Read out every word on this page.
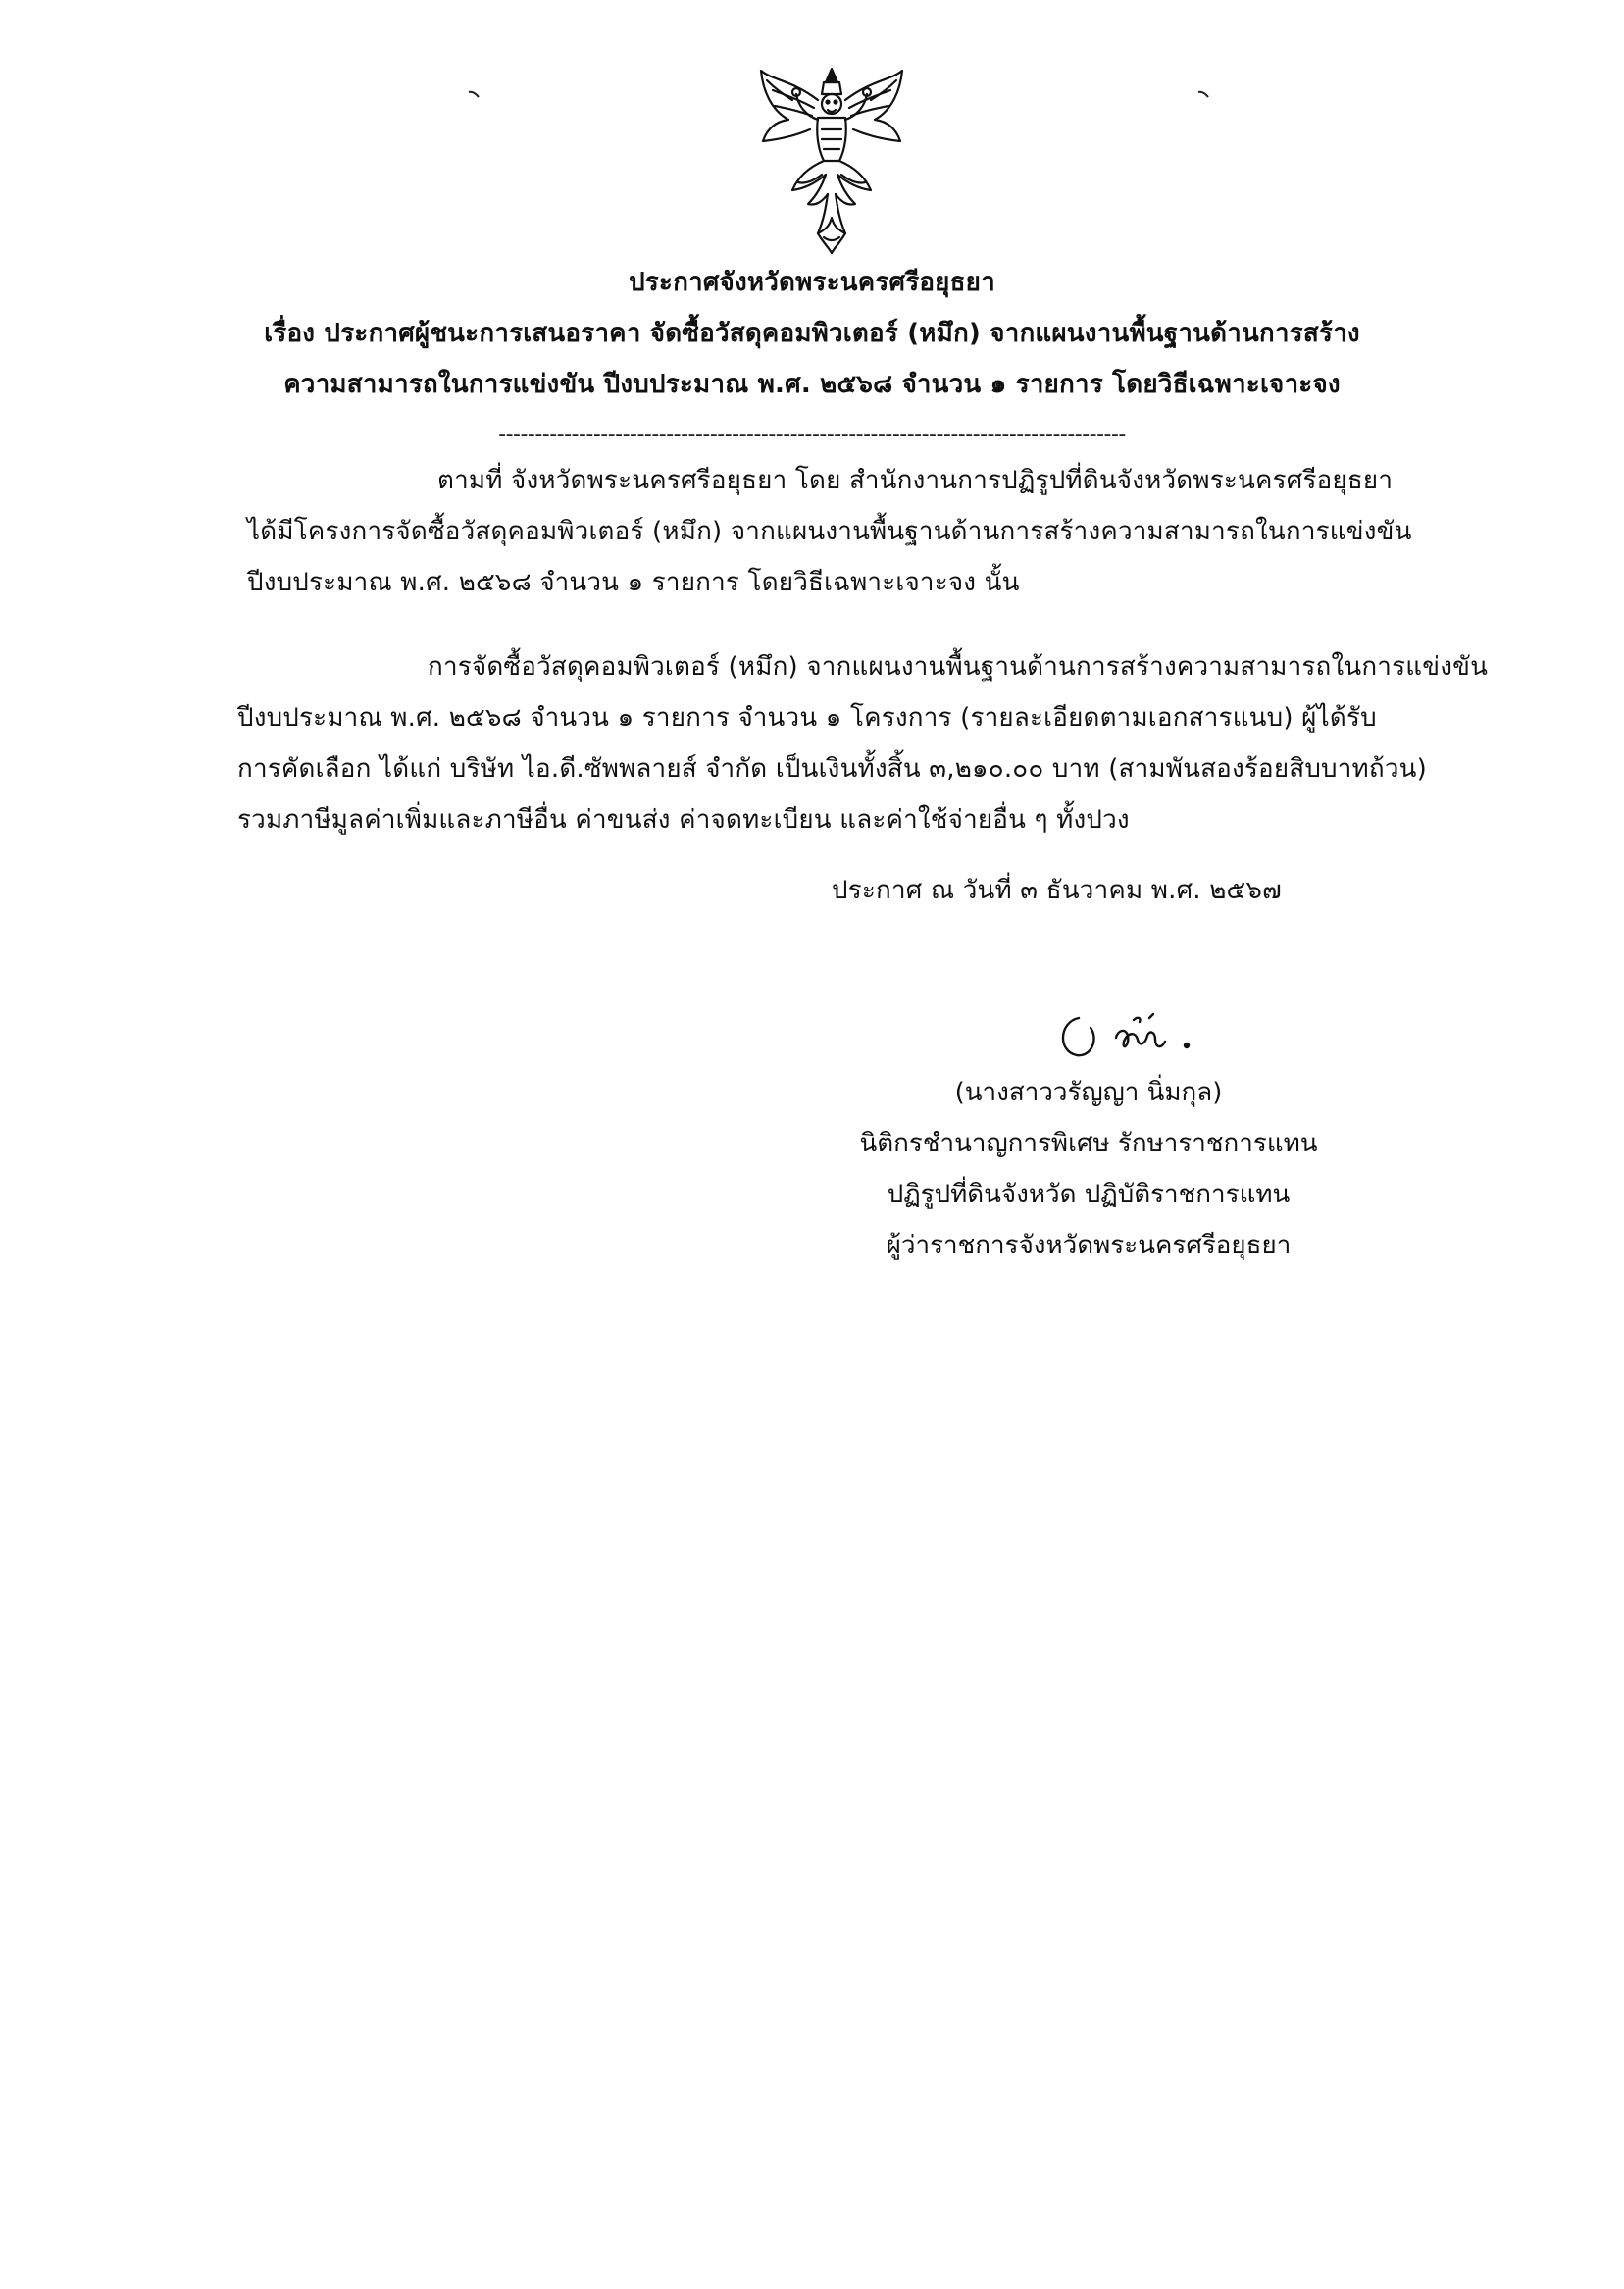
ประกาศจังหวัดพระนครศรีอยุธยา
เรื่อง ประกาศผู้ชนะการเสนอราคา จัดซื้อวัสดุคอมพิวเตอร์ (หมึก) จากแผนงานพื้นฐานด้านการสร้าง
ความสามารถในการแข่งขัน ปีงบประมาณ พ.ศ. ๒๕๖๘ จำนวน ๑ รายการ โดยวิธีเฉพาะเจาะจง
--------------------------------------------------------------------------------------
ตามที่ จังหวัดพระนครศรีอยุธยา โดย สำนักงานการปฏิรูปที่ดินจังหวัดพระนครศรีอยุธยา
ได้มีโครงการจัดซื้อวัสดุคอมพิวเตอร์ (หมึก) จากแผนงานพื้นฐานด้านการสร้างความสามารถในการแข่งขัน
ปีงบประมาณ พ.ศ. ๒๕๖๘ จำนวน ๑ รายการ โดยวิธีเฉพาะเจาะจง นั้น
การจัดซื้อวัสดุคอมพิวเตอร์ (หมึก) จากแผนงานพื้นฐานด้านการสร้างความสามารถในการแข่งขัน
ปีงบประมาณ พ.ศ. ๒๕๖๘ จำนวน ๑ รายการ จำนวน ๑ โครงการ (รายละเอียดตามเอกสารแนบ) ผู้ได้รับ
การคัดเลือก ได้แก่ บริษัท ไอ.ดี.ซัพพลายส์ จำกัด เป็นเงินทั้งสิ้น ๓,๒๑๐.๐๐ บาท (สามพันสองร้อยสิบบาทถ้วน)
รวมภาษีมูลค่าเพิ่มและภาษีอื่น ค่าขนส่ง ค่าจดทะเบียน และค่าใช้จ่ายอื่น ๆ ทั้งปวง
ประกาศ ณ วันที่ ๓ ธันวาคม พ.ศ. ๒๕๖๗
(นางสาววรัญญา นิ่มกุล)
นิติกรชำนาญการพิเศษ รักษาราชการแทน
ปฏิรูปที่ดินจังหวัด ปฏิบัติราชการแทน
ผู้ว่าราชการจังหวัดพระนครศรีอยุธยา
